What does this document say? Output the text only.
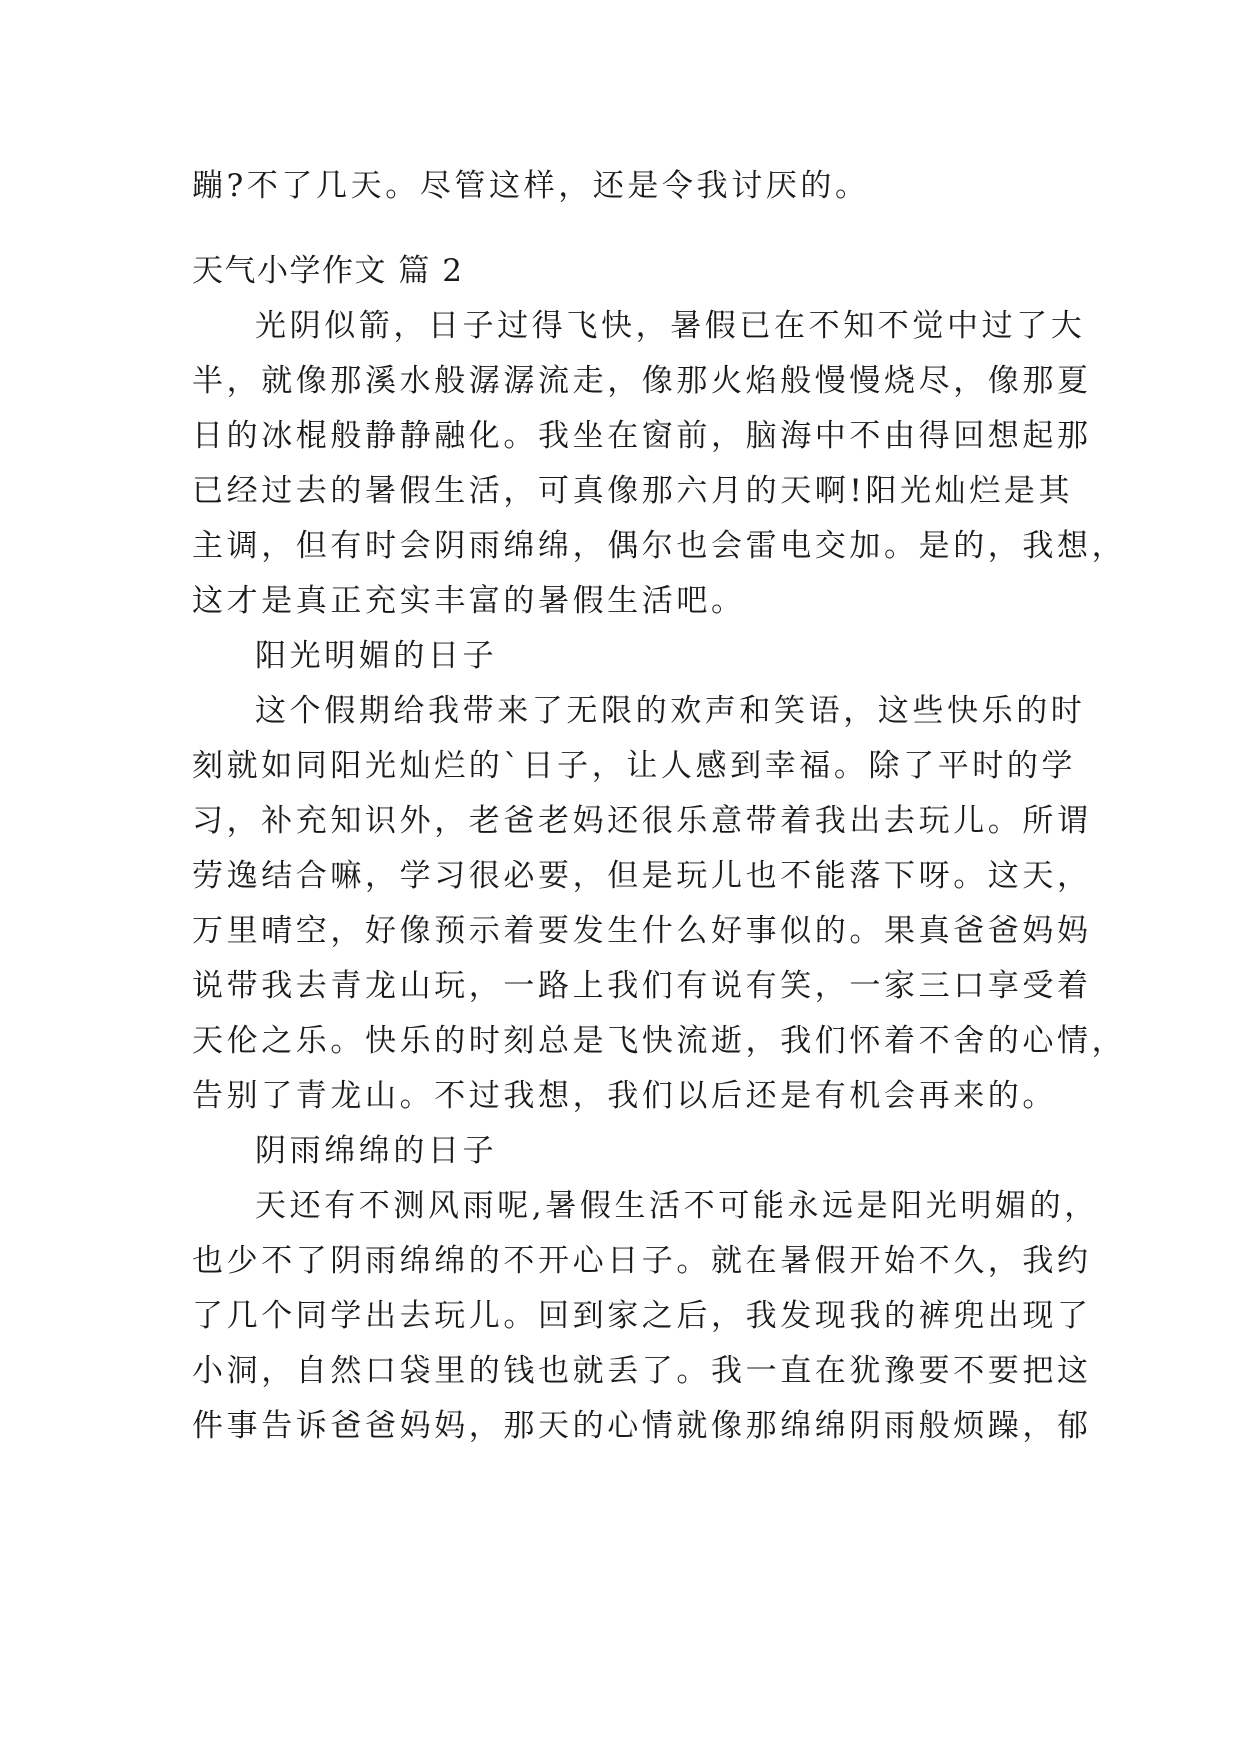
蹦?不了几天。尽管这样，还是令我讨厌的。
天气小学作文 篇 2
光阴似箭，日子过得飞快，暑假已在不知不觉中过了大
半，就像那溪水般潺潺流走，像那火焰般慢慢烧尽，像那夏
日的冰棍般静静融化。我坐在窗前，脑海中不由得回想起那
已经过去的暑假生活，可真像那六月的天啊!阳光灿烂是其
主调，但有时会阴雨绵绵，偶尔也会雷电交加。是的，我想，
这才是真正充实丰富的暑假生活吧。
阳光明媚的日子
这个假期给我带来了无限的欢声和笑语，这些快乐的时
刻就如同阳光灿烂的`日子，让人感到幸福。除了平时的学
习，补充知识外，老爸老妈还很乐意带着我出去玩儿。所谓
劳逸结合嘛，学习很必要，但是玩儿也不能落下呀。这天，
万里晴空，好像预示着要发生什么好事似的。果真爸爸妈妈
说带我去青龙山玩，一路上我们有说有笑，一家三口享受着
天伦之乐。快乐的时刻总是飞快流逝，我们怀着不舍的心情，
告别了青龙山。不过我想，我们以后还是有机会再来的。
阴雨绵绵的日子
天还有不测风雨呢,暑假生活不可能永远是阳光明媚的，
也少不了阴雨绵绵的不开心日子。就在暑假开始不久，我约
了几个同学出去玩儿。回到家之后，我发现我的裤兜出现了
小洞，自然口袋里的钱也就丢了。我一直在犹豫要不要把这
件事告诉爸爸妈妈，那天的心情就像那绵绵阴雨般烦躁，郁
